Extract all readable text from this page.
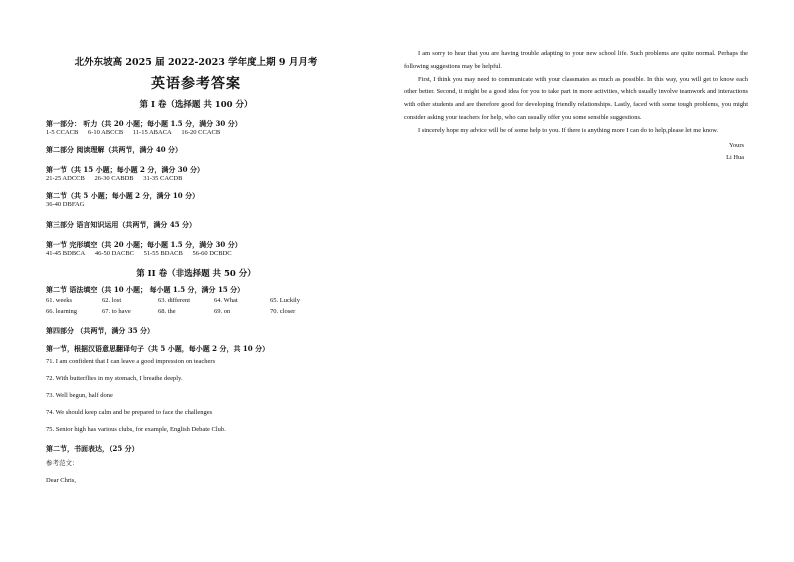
北外东坡高 2025 届 2022-2023 学年度上期 9 月月考
英语参考答案
第 I 卷（选择题 共 100 分）
第一部分： 听力（共 20 小题；每小题 1.5 分，满分 30 分）
1-5 CCACB 6-10 ABCCB 11-15 ABACA 16-20 CCACB
第二部分 阅读理解（共两节，满分 40 分）
第一节（共 15 小题；每小题 2 分，满分 30 分）
21-25 ADCCB 26-30 CABDB 31-35 CACDB
第二节（共 5 小题；每小题 2 分，满分 10 分）
36-40 DBFAG
第三部分 语言知识运用（共两节，满分 45 分）
第一节 完形填空（共 20 小题；每小题 1.5 分，满分 30 分）
41-45 BDBCA 46-50 DACBC 51-55 BDACB 56-60 DCBDC
第 II 卷（非选择题 共 50 分）
第二节 语法填空（共 10 小题； 每小题 1.5 分，满分 15 分）
61. weeks	62. lost	63. different	64. What	65. Luckily
66. learning	67. to have	68. the	69. on	70. closer
第四部分 （共两节，满分 35 分）
第一节，根据汉语意思翻译句子（共 5 小题，每小题 2 分，共 10 分）
71. I am confident that I can leave a good impression on teachers
72. With butterflies in my stomach, I breathe deeply.
73. Well begun, half done
74. We should keep calm and be prepared to face the challenges
75. Senior high has various clubs, for example, English Debate Club.
第二节，书面表达，（25 分）
参考范文：
Dear Chris,

I am sorry to hear that you are having trouble adapting to your new school life. Such problems are quite normal. Perhaps the following suggestions may be helpful.

First, I think you may need to communicate with your classmates as much as possible. In this way, you will get to know each other better. Second, it might be a good idea for you to take part in more activities, which usually involve teamwork and interactions with other students and are therefore good for developing friendly relationships. Lastly, faced with some tough problems, you might consider asking your teachers for help, who can usually offer you some sensible suggestions.

I sincerely hope my advice will be of some help to you. If there is anything more I can do to help,please let me know.

Yours
Li Hua
